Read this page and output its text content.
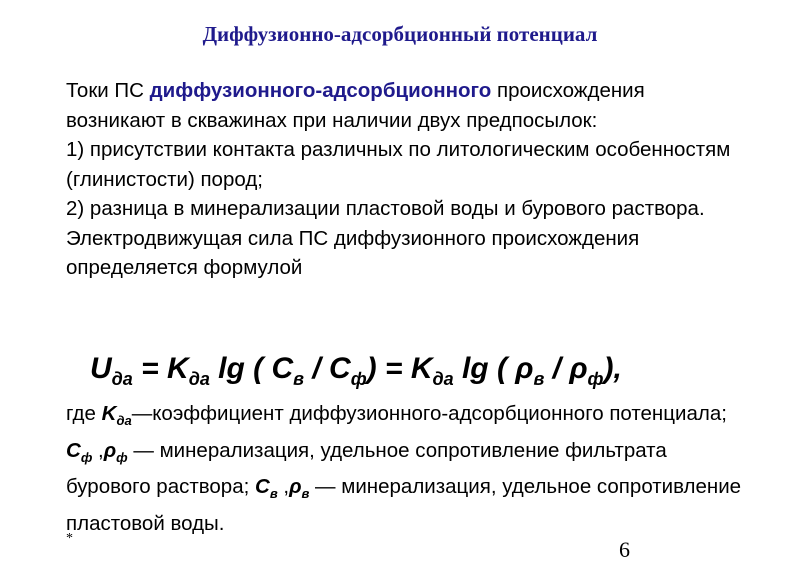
Диффузионно-адсорбционный потенциал

Токи ПС диффузионного-адсорбционного происхождения возникают в скважинах при наличии двух предпосылок:

1) присутствии контакта различных по литологическим особенностям (глинистости) пород;

2) разница в минерализации пластовой воды и бурового раствора.

Электродвижущая сила ПС диффузионного происхождения определяется формулой

$U_{да} = K_{да}$ lg ( $C_в / C_ф) = K_{да}$ lg ( $\rho_в / \rho_ф$),
где $K_{да}—коэффициент$ диффузионного-адсорбционного потенциала; $С_ф$ $,\rho_ф$ — минерализация, удельное сопротивление фильтрата бурового раствора; $С_в$ $,\rho_в$ — минерализация, удельное сопротивление пластовой воды.
*	6
